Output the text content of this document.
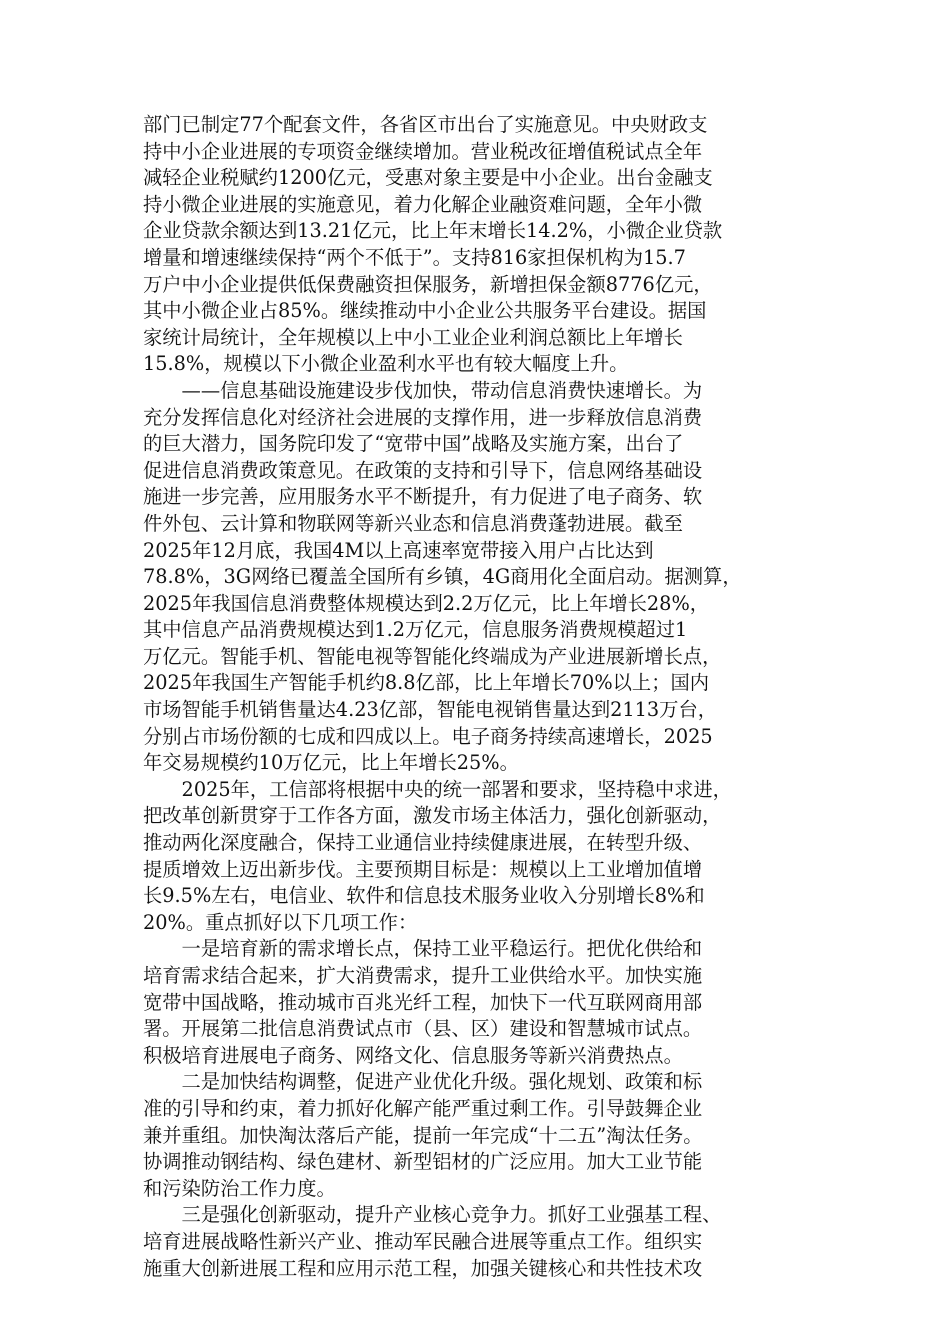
部门已制定77个配套文件，各省区市出台了实施意见。中央财政支
持中小企业进展的专项资金继续增加。营业税改征增值税试点全年
减轻企业税赋约1200亿元，受惠对象主要是中小企业。出台金融支
持小微企业进展的实施意见，着力化解企业融资难问题，全年小微
企业贷款余额达到13.21亿元，比上年末增长14.2%，小微企业贷款
增量和增速继续保持“两个不低于”。支持816家担保机构为15.7
万户中小企业提供低保费融资担保服务，新增担保金额8776亿元，
其中小微企业占85%。继续推动中小企业公共服务平台建设。据国
家统计局统计，全年规模以上中小工业企业利润总额比上年增长
15.8%，规模以下小微企业盈利水平也有较大幅度上升。
　　——信息基础设施建设步伐加快，带动信息消费快速增长。为
充分发挥信息化对经济社会进展的支撑作用，进一步释放信息消费
的巨大潜力，国务院印发了“宽带中国”战略及实施方案，出台了
促进信息消费政策意见。在政策的支持和引导下，信息网络基础设
施进一步完善，应用服务水平不断提升，有力促进了电子商务、软
件外包、云计算和物联网等新兴业态和信息消费蓬勃进展。截至
2025年12月底，我国4M以上高速率宽带接入用户占比达到
78.8%，3G网络已覆盖全国所有乡镇，4G商用化全面启动。据测算，
2025年我国信息消费整体规模达到2.2万亿元，比上年增长28%，
其中信息产品消费规模达到1.2万亿元，信息服务消费规模超过1
万亿元。智能手机、智能电视等智能化终端成为产业进展新增长点，
2025年我国生产智能手机约8.8亿部，比上年增长70%以上；国内
市场智能手机销售量达4.23亿部，智能电视销售量达到2113万台，
分别占市场份额的七成和四成以上。电子商务持续高速增长，2025
年交易规模约10万亿元，比上年增长25%。
　　2025年，工信部将根据中央的统一部署和要求，坚持稳中求进，
把改革创新贯穿于工作各方面，激发市场主体活力，强化创新驱动，
推动两化深度融合，保持工业通信业持续健康进展，在转型升级、
提质增效上迈出新步伐。主要预期目标是：规模以上工业增加值增
长9.5%左右，电信业、软件和信息技术服务业收入分别增长8%和
20%。重点抓好以下几项工作：
　　一是培育新的需求增长点，保持工业平稳运行。把优化供给和
培育需求结合起来，扩大消费需求，提升工业供给水平。加快实施
宽带中国战略，推动城市百兆光纤工程，加快下一代互联网商用部
署。开展第二批信息消费试点市（县、区）建设和智慧城市试点。
积极培育进展电子商务、网络文化、信息服务等新兴消费热点。
　　二是加快结构调整，促进产业优化升级。强化规划、政策和标
准的引导和约束，着力抓好化解产能严重过剩工作。引导鼓舞企业
兼并重组。加快淘汰落后产能，提前一年完成“十二五”淘汰任务。
协调推动钢结构、绿色建材、新型铝材的广泛应用。加大工业节能
和污染防治工作力度。
　　三是强化创新驱动，提升产业核心竞争力。抓好工业强基工程、
培育进展战略性新兴产业、推动军民融合进展等重点工作。组织实
施重大创新进展工程和应用示范工程，加强关键核心和共性技术攻
